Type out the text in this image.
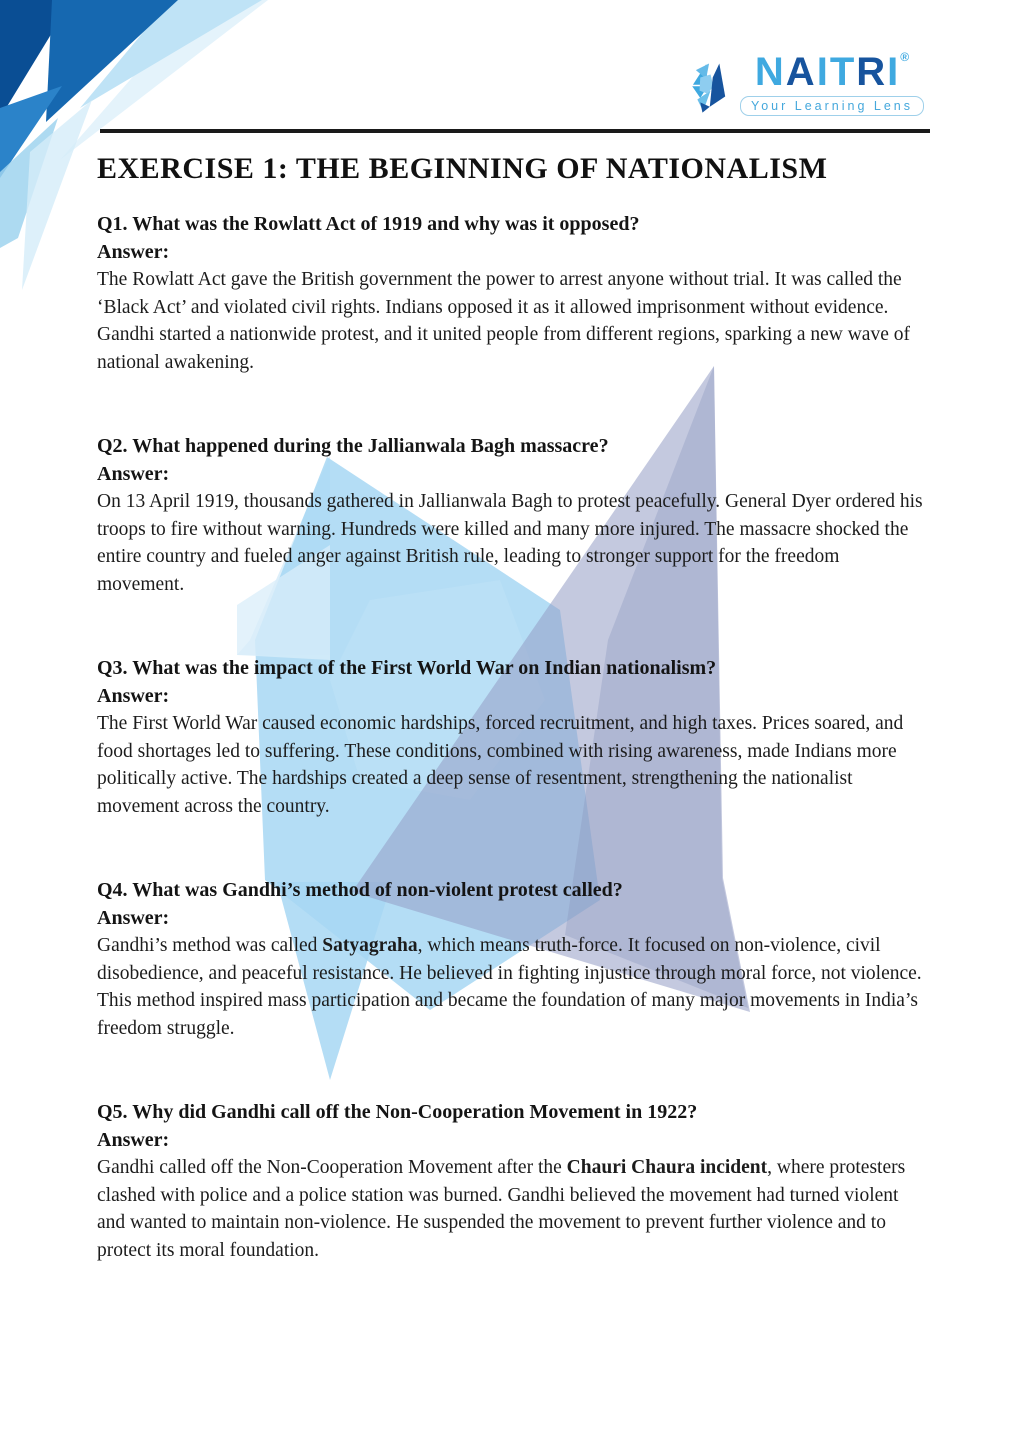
NAITRI®
Your Learning Lens
EXERCISE 1: THE BEGINNING OF NATIONALISM

Q1. What was the Rowlatt Act of 1919 and why was it opposed?

Answer:

The Rowlatt Act gave the British government the power to arrest anyone without trial. It was called the ‘Black Act’ and violated civil rights. Indians opposed it as it allowed imprisonment without evidence. Gandhi started a nationwide protest, and it united people from different regions, sparking a new wave of national awakening.

Q2. What happened during the Jallianwala Bagh massacre?

Answer:

On 13 April 1919, thousands gathered in Jallianwala Bagh to protest peacefully. General Dyer ordered his troops to fire without warning. Hundreds were killed and many more injured. The massacre shocked the entire country and fueled anger against British rule, leading to stronger support for the freedom movement.

Q3. What was the impact of the First World War on Indian nationalism?

Answer:

The First World War caused economic hardships, forced recruitment, and high taxes. Prices soared, and food shortages led to suffering. These conditions, combined with rising awareness, made Indians more politically active. The hardships created a deep sense of resentment, strengthening the nationalist movement across the country.

Q4. What was Gandhi’s method of non-violent protest called?

Answer:

Gandhi’s method was called Satyagraha, which means truth-force. It focused on non-violence, civil disobedience, and peaceful resistance. He believed in fighting injustice through moral force, not violence. This method inspired mass participation and became the foundation of many major movements in India’s freedom struggle.

Q5. Why did Gandhi call off the Non-Cooperation Movement in 1922?

Answer:

Gandhi called off the Non-Cooperation Movement after the Chauri Chaura incident, where protesters clashed with police and a police station was burned. Gandhi believed the movement had turned violent and wanted to maintain non-violence. He suspended the movement to prevent further violence and to protect its moral foundation.
